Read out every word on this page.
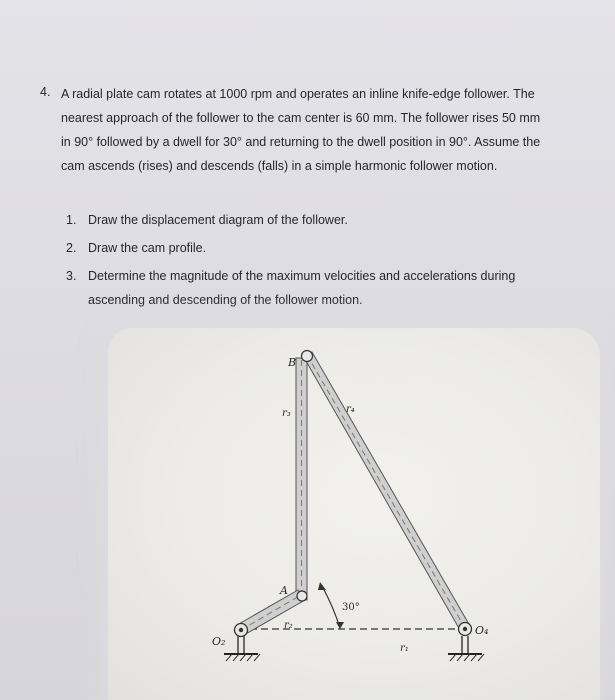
4. A radial plate cam rotates at 1000 rpm and operates an inline knife-edge follower. The nearest approach of the follower to the cam center is 60 mm. The follower rises 50 mm in 90° followed by a dwell for 30° and returning to the dwell position in 90°. Assume the cam ascends (rises) and descends (falls) in a simple harmonic follower motion.
1. Draw the displacement diagram of the follower.
2. Draw the cam profile.
3. Determine the magnitude of the maximum velocities and accelerations during ascending and descending of the follower motion.
B
A
r₃	r₄
r₂
r₁
30°
O₂
O₄
